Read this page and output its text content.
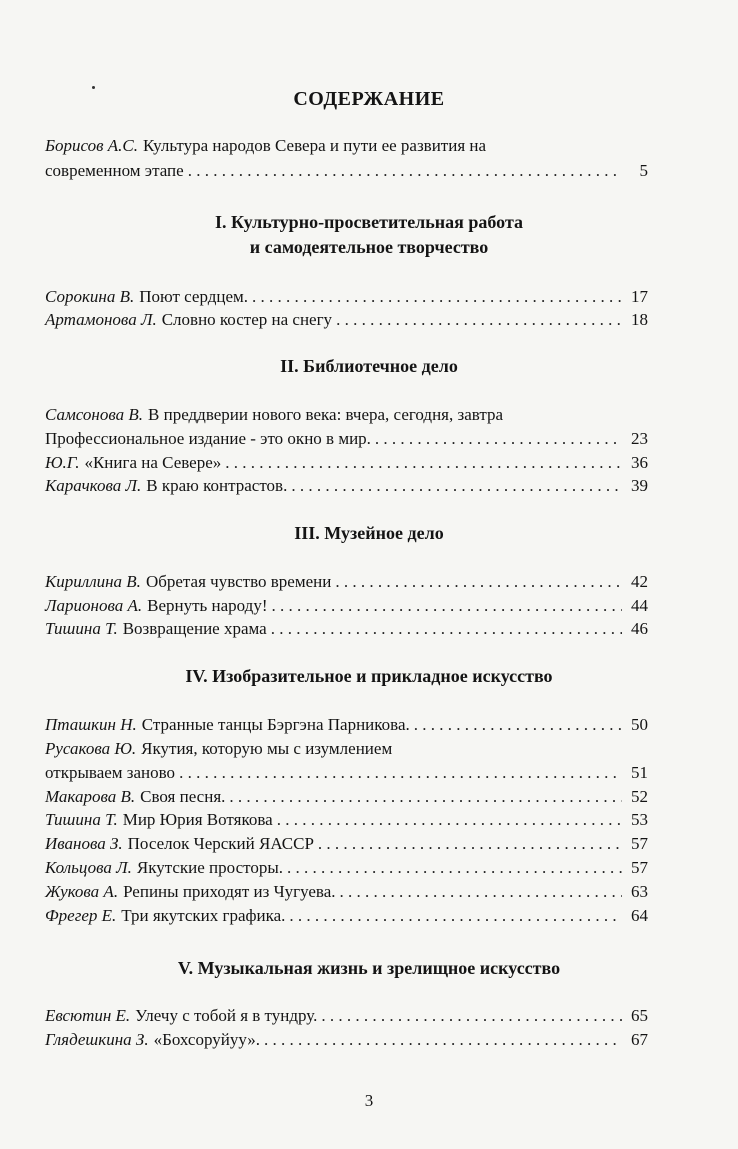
СОДЕРЖАНИЕ
Борисов А.С. Культура народов Севера и пути ее развития на
современном этапе . . .	5
I. Культурно-просветительная работа
и самодеятельное творчество
Сорокина В. Поют сердцем. . . .	17
Артамонова Л. Словно костер на снегу . . .	18
II. Библиотечное дело
Самсонова В. В преддверии нового века: вчера, сегодня, завтра
Профессиональное издание - это окно в мир. . . .	23
Ю.Г. «Книга на Севере» . . .	36
Карачкова Л. В краю контрастов. . . .	39
III. Музейное дело
Кириллина В. Обретая чувство времени . . .	42
Ларионова А. Вернуть народу! . . .	44
Тишина Т. Возвращение храма . . .	46
IV. Изобразительное и прикладное искусство
Пташкин Н. Странные танцы Бэргэна Парникова. . . .	50
Русакова Ю. Якутия, которую мы с изумлением
открываем заново . . .	51
Макарова В. Своя песня. . . .	52
Тишина Т. Мир Юрия Вотякова . . .	53
Иванова З. Поселок Черский ЯАССР . . .	57
Кольцова Л. Якутские просторы. . . .	57
Жукова А. Репины приходят из Чугуева. . . .	63
Фрегер Е. Три якутских графика. . . .	64
V. Музыкальная жизнь и зрелищное искусство
Евсютин Е. Улечу с тобой я в тундру. . . .	65
Глядешкина З. «Бохсоруйуу». . . .	67
3
